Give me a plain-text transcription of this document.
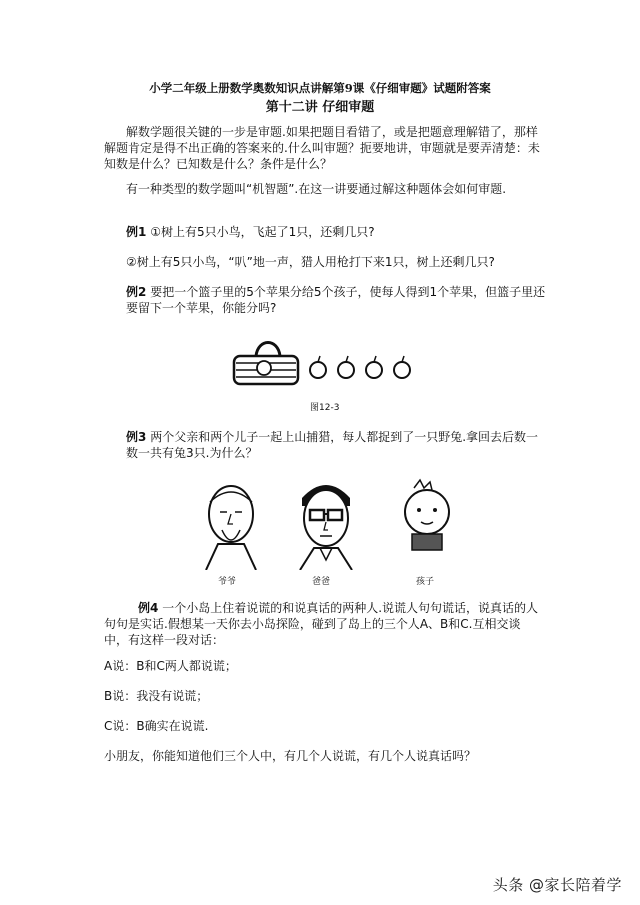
小学二年级上册数学奥数知识点讲解第9课《仔细审题》试题附答案
第十二讲 仔细审题

解数学题很关键的一步是审题.如果把题目看错了，或是把题意理解错了，那样解题肯定是得不出正确的答案来的.什么叫审题？扼要地讲，审题就是要弄清楚：未知数是什么？已知数是什么？条件是什么？

有一种类型的数学题叫“机智题”.在这一讲要通过解这种题体会如何审题.

例1 ①树上有5只小鸟，飞起了1只，还剩几只?

②树上有5只小鸟，“叭”地一声，猎人用枪打下来1只，树上还剩几只?

例2 要把一个篮子里的5个苹果分给5个孩子，使每人得到1个苹果，但篮子里还要留下一个苹果，你能分吗?

图12-3

例3 两个父亲和两个儿子一起上山捕猎，每人都捉到了一只野兔.拿回去后数一数一共有兔3只.为什么？

爷爷	爸爸	孩子

例4 一个小岛上住着说谎的和说真话的两种人.说谎人句句谎话，说真话的人句句是实话.假想某一天你去小岛探险，碰到了岛上的三个人A、B和C.互相交谈中，有这样一段对话：

A说：B和C两人都说谎；

B说：我没有说谎；

C说：B确实在说谎.

小朋友，你能知道他们三个人中，有几个人说谎，有几个人说真话吗？

头条 @家长陪着学
